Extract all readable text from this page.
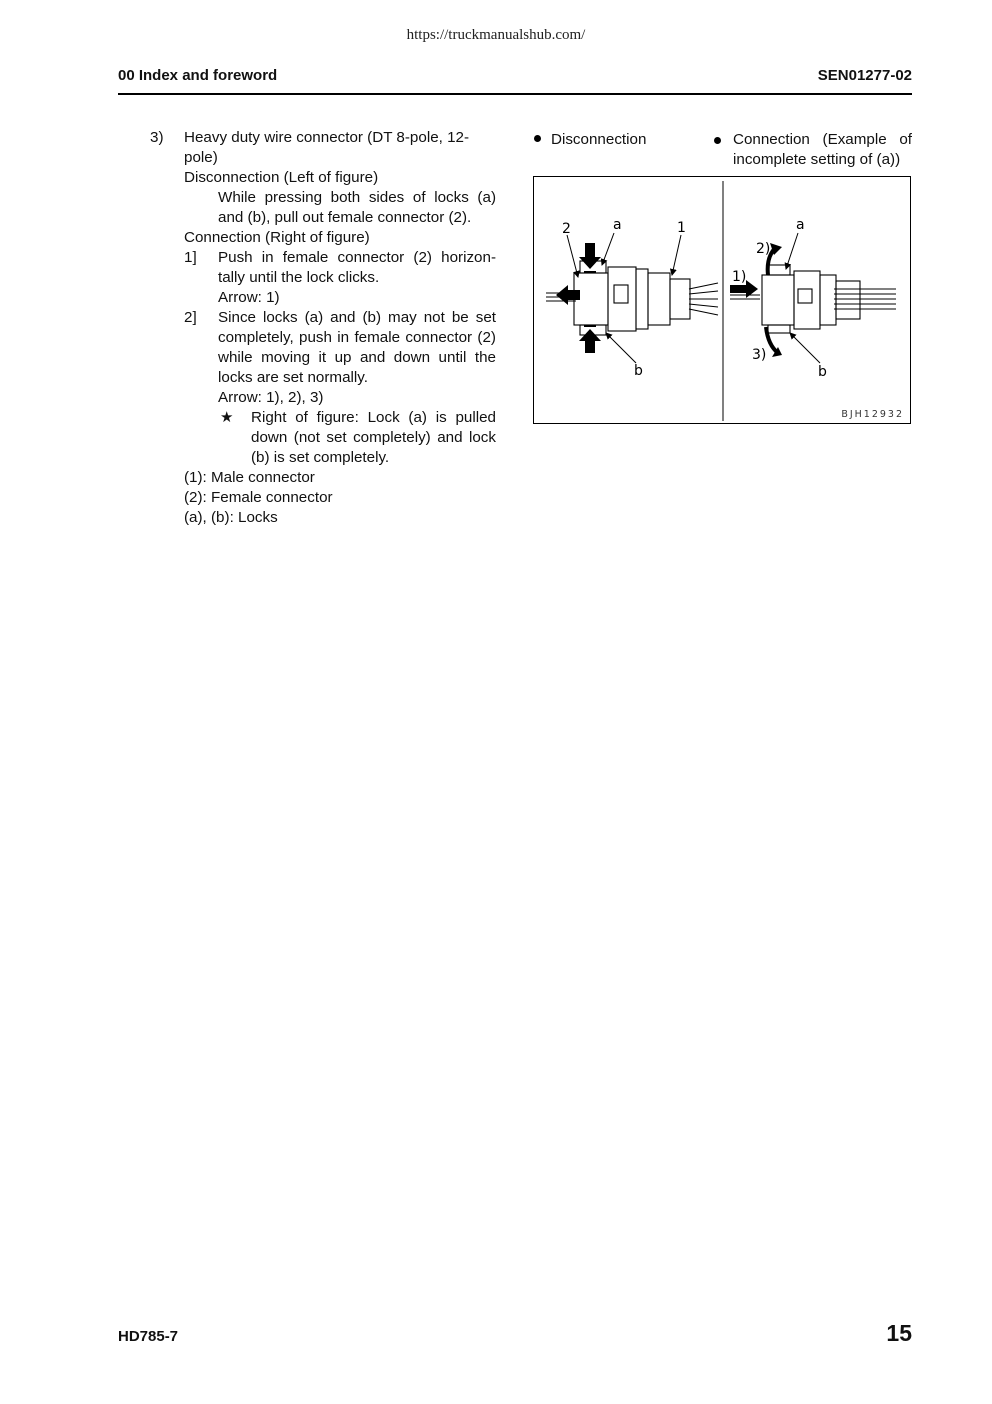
https://truckmanualshub.com/
00 Index and foreword	SEN01277-02
3) Heavy duty wire connector (DT 8-pole, 12-pole)
Disconnection (Left of figure)
While pressing both sides of locks (a) and (b), pull out female connector (2).
Connection (Right of figure)
1] Push in female connector (2) horizon-tally until the lock clicks.
Arrow: 1)
2] Since locks (a) and (b) may not be set completely, push in female connector (2) while moving it up and down until the locks are set normally.
Arrow: 1), 2), 3)
★ Right of figure: Lock (a) is pulled down (not set completely) and lock (b) is set completely.
(1): Male connector
(2): Female connector
(a), (b): Locks
Disconnection	Connection (Example of incomplete setting of (a))
2	a	1
b
a
2)
1)
3)
b
BJH12932
HD785-7	15
